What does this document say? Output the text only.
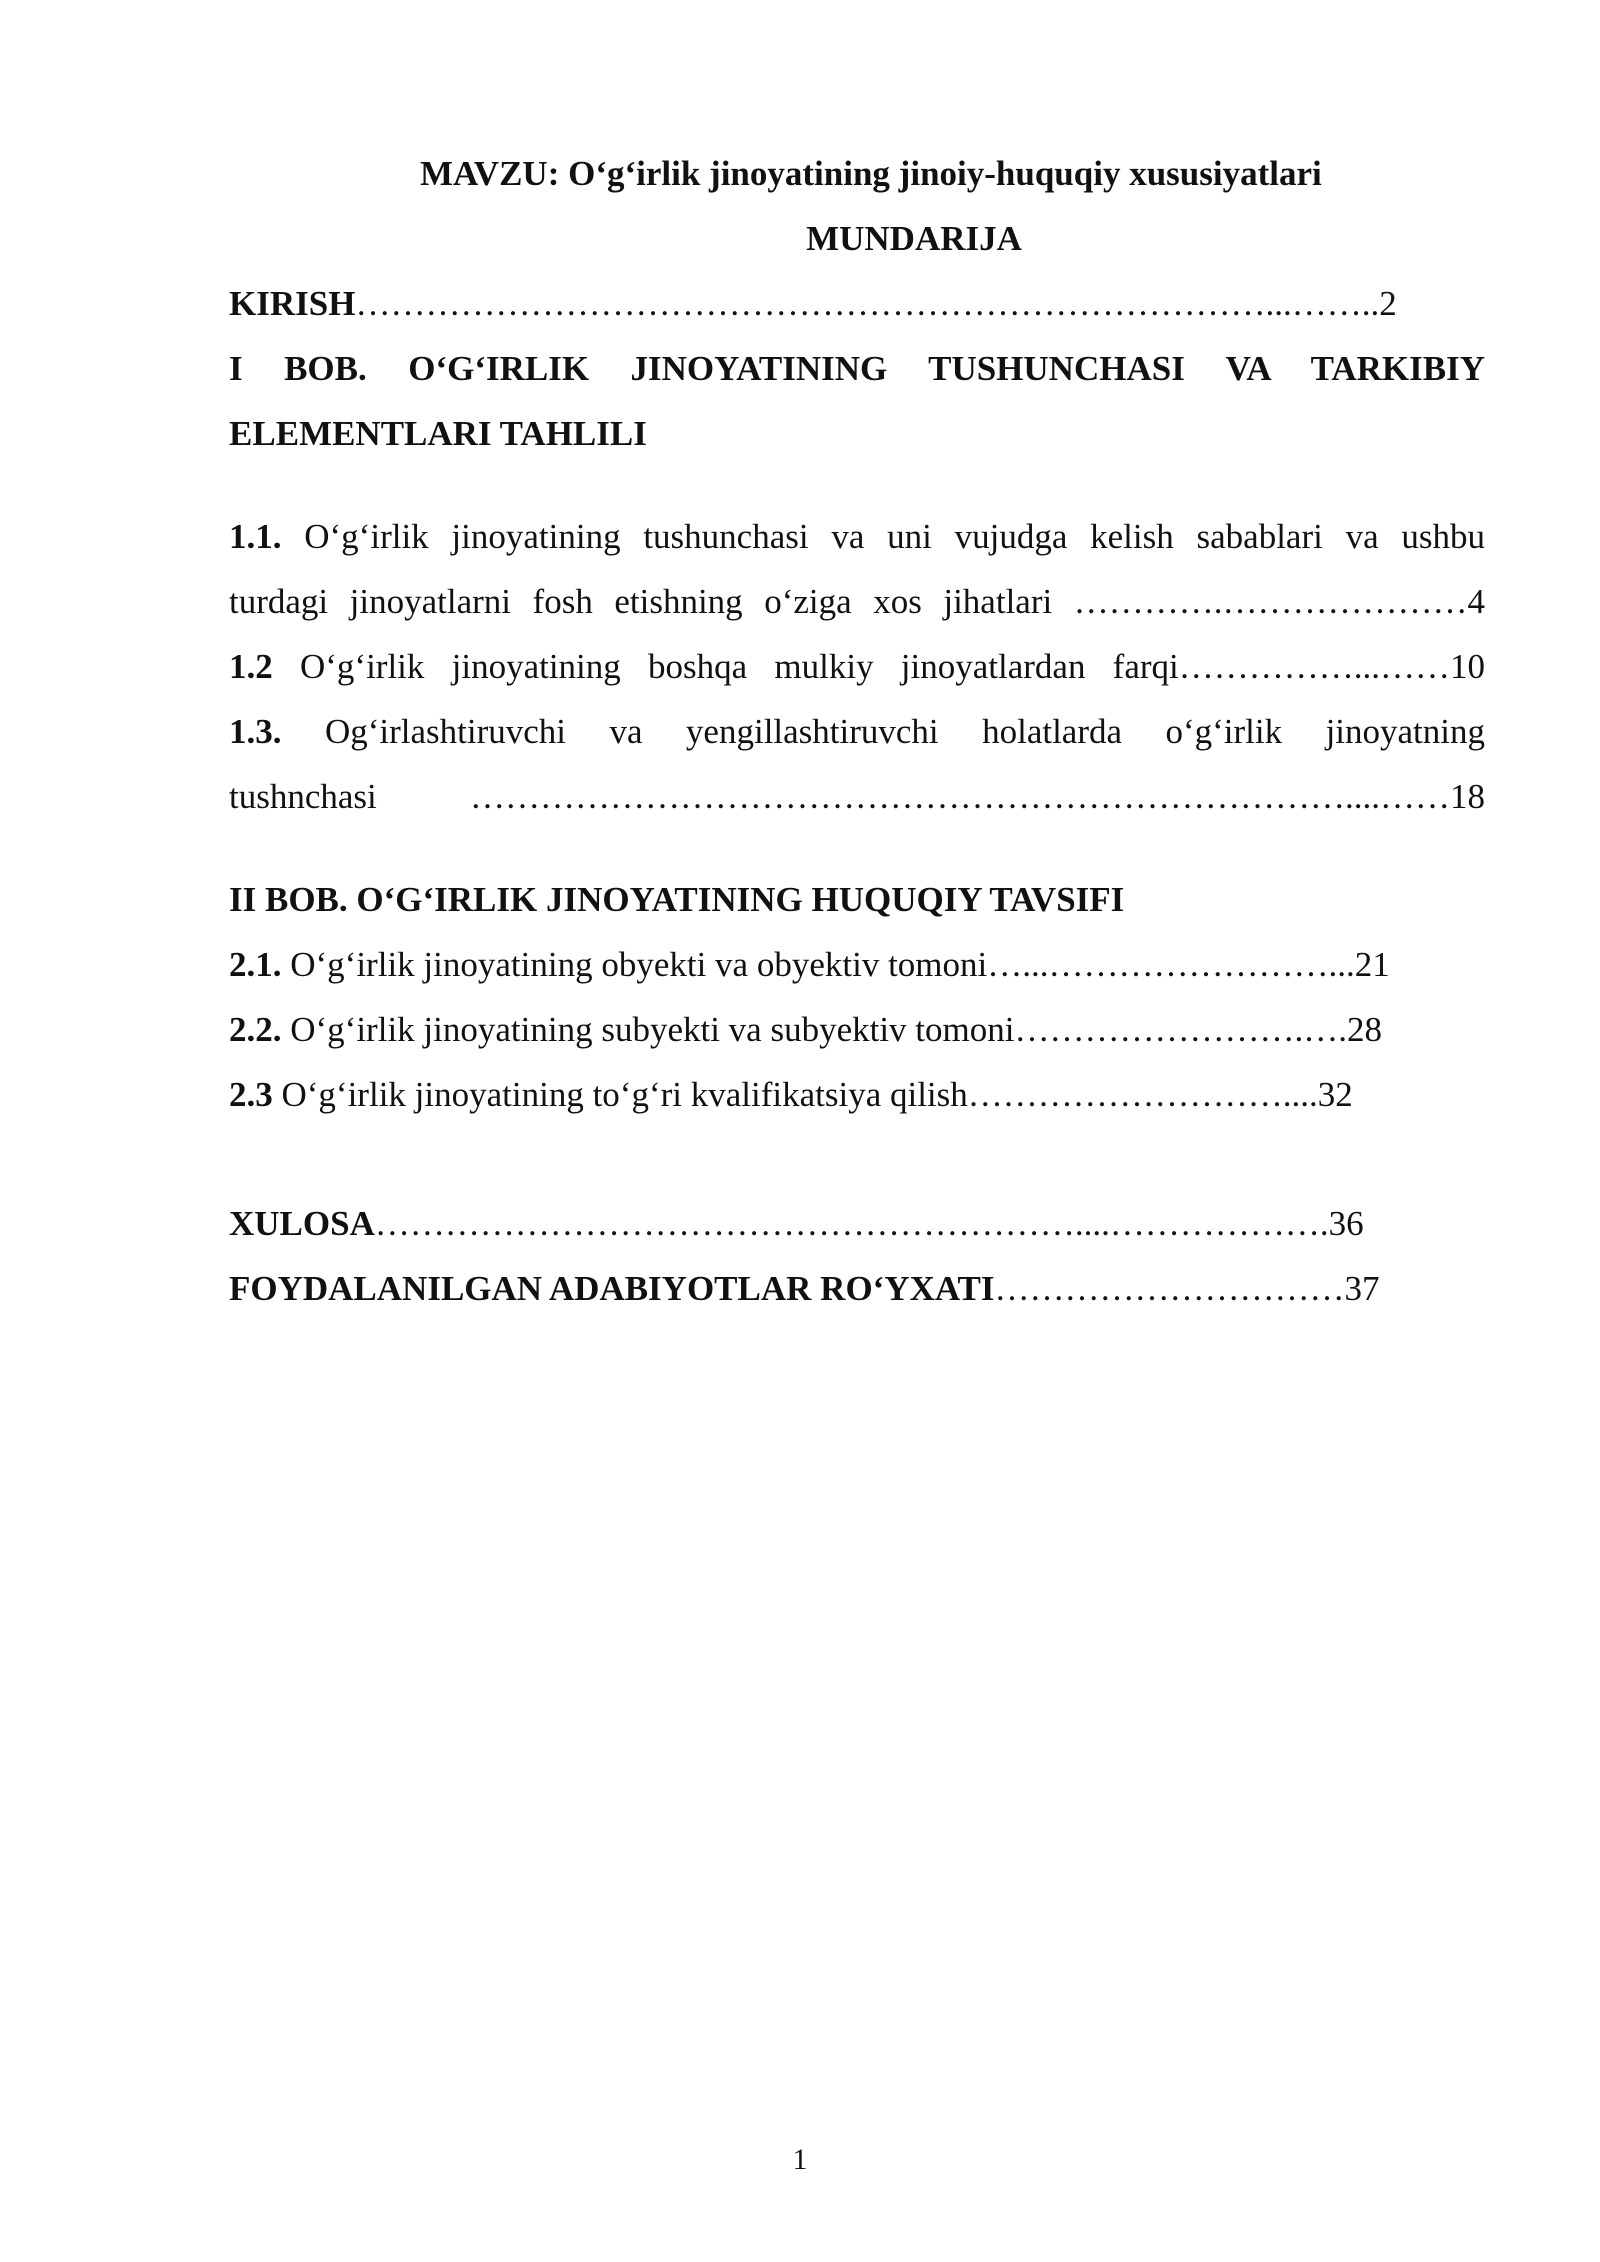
MAVZU: O‘g‘irlik jinoyatining jinoiy-huquqiy xususiyatlari
MUNDARIJA
KIRISH……………………………………………………………………...……..2
I BOB. O‘G‘IRLIK JINOYATINING TUSHUNCHASI VA TARKIBIY
ELEMENTLARI TAHLILI
1.1. O‘g‘irlik jinoyatining tushunchasi va uni vujudga kelish sabablari va ushbu
turdagi jinoyatlarni fosh etishning o‘ziga xos jihatlari ………….…………………4
1.2 O‘g‘irlik jinoyatining boshqa mulkiy jinoyatlardan farqi……………...……10
1.3. Og‘irlashtiruvchi va yengillashtiruvchi holatlarda o‘g‘irlik jinoyatning
tushnchasi …………………………………………………………………....……18
II BOB. O‘G‘IRLIK JINOYATINING HUQUQIY TAVSIFI
2.1. O‘g‘irlik jinoyatining obyekti va obyektiv tomoni…...……………………...21
2.2. O‘g‘irlik jinoyatining subyekti va subyektiv tomoni…………………….….28
2.3 O‘g‘irlik jinoyatining to‘g‘ri kvalifikatsiya qilish………………………....32
XULOSA……………………………………………………....……………….36
FOYDALANILGAN ADABIYOTLAR RO‘YXATI…………………………37
1
